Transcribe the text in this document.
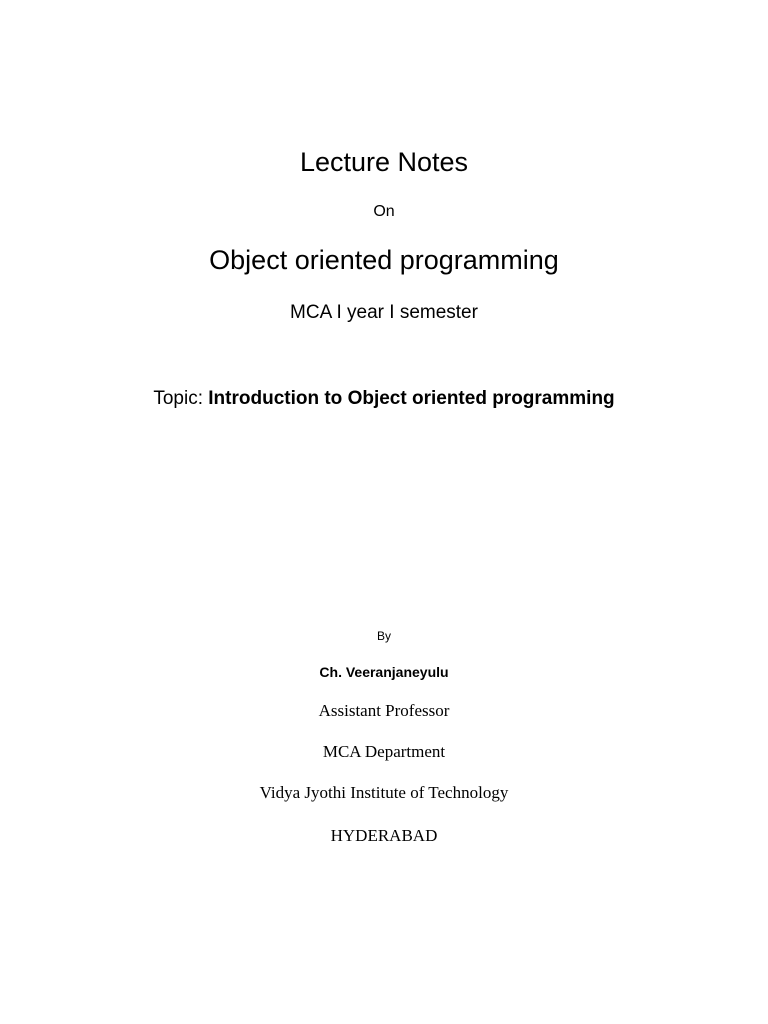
Lecture Notes
On
Object oriented programming
MCA I year I semester
Topic: Introduction to Object oriented programming
By
Ch. Veeranjaneyulu
Assistant Professor
MCA Department
Vidya Jyothi Institute of Technology
HYDERABAD
